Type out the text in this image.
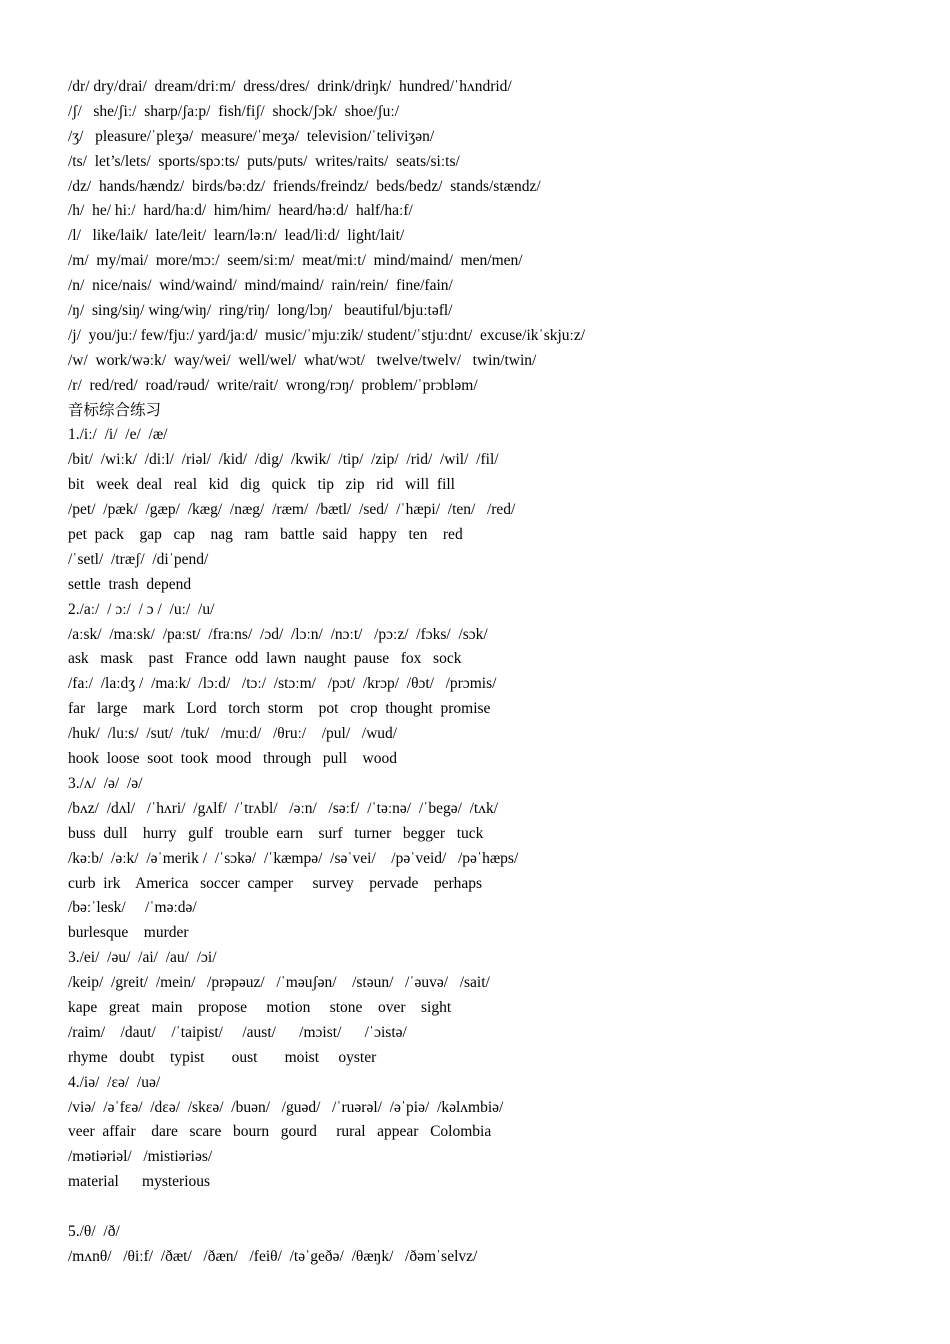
/dr/ dry/drai/  dream/driːm/  dress/dres/  drink/driŋk/  hundred/ˈhʌndrid/
/ʃ/   she/ʃiː/  sharp/ʃaːp/  fish/fiʃ/  shock/ʃɔk/  shoe/ʃuː/
/ʒ/   pleasure/ˈpleʒə/  measure/ˈmeʒə/  television/ˈteliviʒən/
/ts/  let’s/lets/  sports/spɔːts/  puts/puts/  writes/raits/  seats/siːts/
/dz/  hands/hændz/  birds/bəːdz/  friends/freindz/  beds/bedz/  stands/stændz/
/h/  he/ hiː/  hard/haːd/  him/him/  heard/həːd/  half/haːf/
/l/   like/laik/  late/leit/  learn/ləːn/  lead/liːd/  light/lait/
/m/  my/mai/  more/mɔː/  seem/siːm/  meat/miːt/  mind/maind/  men/men/
/n/  nice/nais/  wind/waind/  mind/maind/  rain/rein/  fine/fain/
/ŋ/  sing/siŋ/ wing/wiŋ/  ring/riŋ/  long/lɔŋ/   beautiful/bjuːtəfl/
/j/  you/juː/ few/fjuː/ yard/jaːd/  music/ˈmjuːzik/ student/ˈstjuːdnt/  excuse/ikˈskjuːz/
/w/  work/wəːk/  way/wei/  well/wel/  what/wɔt/   twelve/twelv/   twin/twin/
/r/  red/red/  road/rəud/  write/rait/  wrong/rɔŋ/  problem/ˈprɔbləm/
音标综合练习
1./iː/  /i/  /e/  /æ/
/bit/  /wiːk/  /diːl/  /riəl/  /kid/  /dig/  /kwik/  /tip/  /zip/  /rid/  /wil/  /fil/
bit   week  deal   real   kid   dig   quick   tip   zip   rid   will  fill
/pet/  /pæk/  /gæp/  /kæg/  /næg/  /ræm/  /bætl/  /sed/  /ˈhæpi/  /ten/   /red/
pet  pack    gap   cap    nag   ram   battle  said   happy   ten    red
/ˈsetl/  /træʃ/  /diˈpend/
settle  trash  depend
2./aː/  / ɔː/  / ɔ /  /uː/  /u/
/aːsk/  /maːsk/  /paːst/  /fraːns/  /ɔd/  /lɔːn/  /nɔːt/   /pɔːz/  /fɔks/  /sɔk/
ask   mask    past   France  odd  lawn  naught  pause   fox   sock
/faː/  /laːdʒ /  /maːk/  /lɔːd/   /tɔː/  /stɔːm/   /pɔt/  /krɔp/  /θɔt/   /prɔmis/
far   large    mark   Lord   torch  storm    pot   crop  thought  promise
/huk/  /luːs/  /sut/  /tuk/   /muːd/   /θruː/    /pul/   /wud/
hook  loose  soot  took  mood   through   pull    wood
3./ʌ/  /ə/  /ə/
/bʌz/  /dʌl/   /ˈhʌri/  /gʌlf/  /ˈtrʌbl/   /əːn/   /səːf/  /ˈtəːnə/  /ˈbegə/  /tʌk/
buss  dull    hurry   gulf   trouble  earn    surf   turner   begger   tuck
/kəːb/  /əːk/  /əˈmerik /  /ˈsɔkə/  /ˈkæmpə/  /səˈvei/    /pəˈveid/   /pəˈhæps/
curb  irk    America   soccer  camper     survey    pervade    perhaps
/bəːˈlesk/     /ˈməːdə/
burlesque    murder
3./ei/  /əu/  /ai/  /au/  /ɔi/
/keip/  /greit/  /mein/   /prəpəuz/   /ˈməuʃən/    /stəun/   /ˈəuvə/   /sait/
kape   great   main    propose     motion     stone    over    sight
/raim/    /daut/    /ˈtaipist/     /aust/      /mɔist/      /ˈɔistə/
rhyme   doubt    typist       oust       moist     oyster
4./iə/  /ɛə/  /uə/
/viə/  /əˈfɛə/  /dɛə/  /skɛə/  /buən/   /guəd/   /ˈruərəl/  /əˈpiə/  /kəlʌmbiə/
veer  affair    dare   scare   bourn   gourd     rural   appear   Colombia
/mətiəriəl/   /mistiəriəs/
material      mysterious
5./θ/  /ð/
/mʌnθ/   /θiːf/  /ðæt/   /ðæn/   /feiθ/  /təˈgeðə/  /θæŋk/   /ðəmˈselvz/
